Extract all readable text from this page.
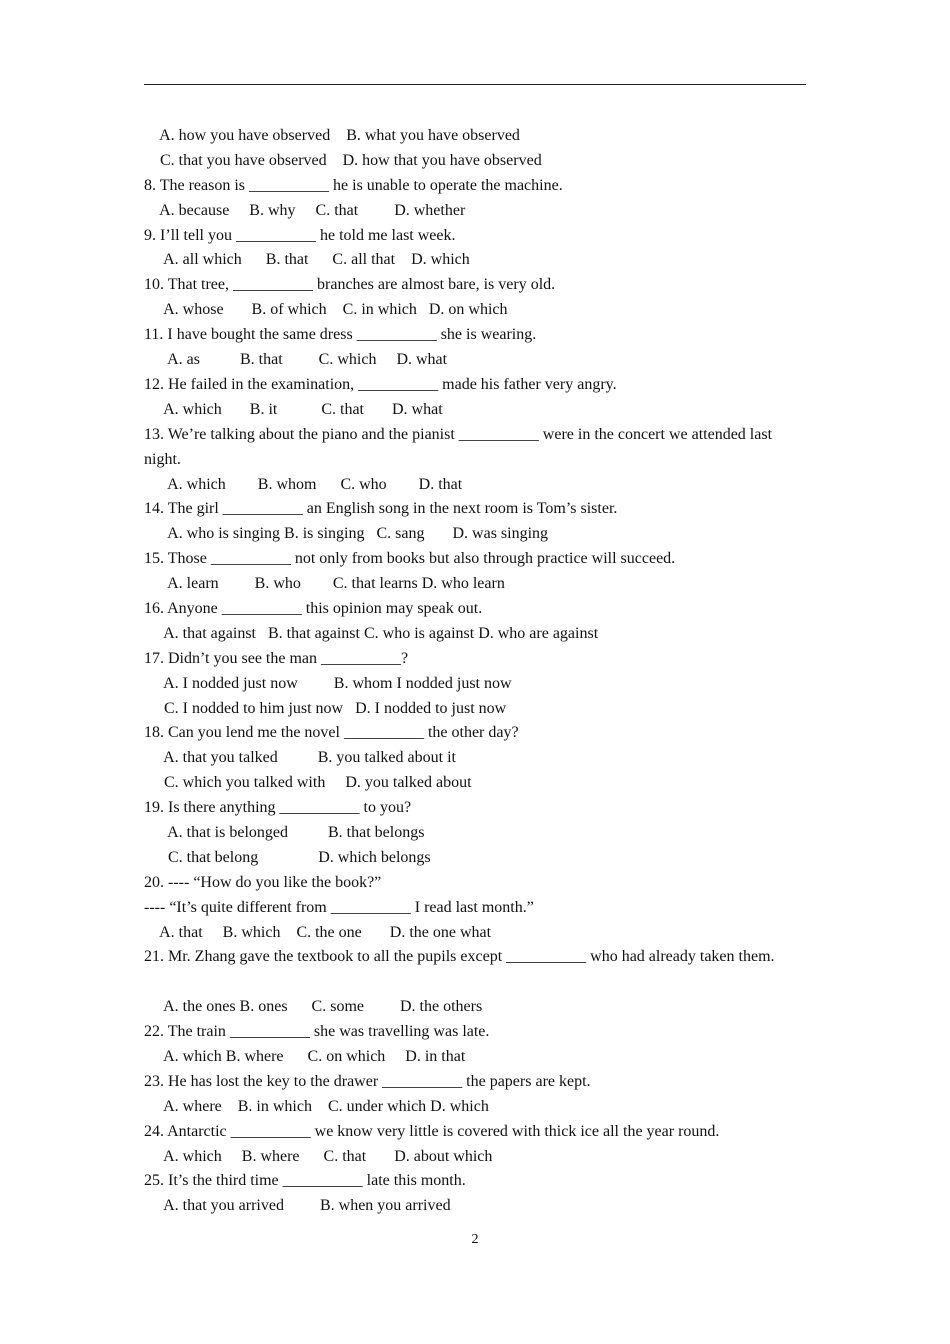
A. how you have observed    B. what you have observed
C. that you have observed    D. how that you have observed
8. The reason is __________ he is unable to operate the machine.
A. because     B. why     C. that         D. whether
9. I’ll tell you __________ he told me last week.
A. all which      B. that      C. all that    D. which
10. That tree, __________ branches are almost bare, is very old.
A. whose       B. of which    C. in which   D. on which
11. I have bought the same dress __________ she is wearing.
A. as          B. that         C. which     D. what
12. He failed in the examination, __________ made his father very angry.
A. which       B. it           C. that       D. what
13. We’re talking about the piano and the pianist __________ were in the concert we attended last night.
A. which        B. whom      C. who        D. that
14. The girl __________ an English song in the next room is Tom’s sister.
A. who is singing B. is singing   C. sang       D. was singing
15. Those __________ not only from books but also through practice will succeed.
A. learn         B. who        C. that learns D. who learn
16. Anyone __________ this opinion may speak out.
A. that against   B. that against C. who is against D. who are against
17. Didn’t you see the man __________?
A. I nodded just now         B. whom I nodded just now
C. I nodded to him just now   D. I nodded to just now
18. Can you lend me the novel __________ the other day?
A. that you talked          B. you talked about it
C. which you talked with     D. you talked about
19. Is there anything __________ to you?
A. that is belonged          B. that belongs
C. that belong               D. which belongs
20. ---- “How do you like the book?”
---- “It’s quite different from __________ I read last month.”
A. that     B. which    C. the one       D. the one what
21. Mr. Zhang gave the textbook to all the pupils except __________ who had already taken them.
A. the ones B. ones      C. some         D. the others
22. The train __________ she was travelling was late.
A. which B. where      C. on which     D. in that
23. He has lost the key to the drawer __________ the papers are kept.
A. where    B. in which    C. under which D. which
24. Antarctic __________ we know very little is covered with thick ice all the year round.
A. which     B. where      C. that       D. about which
25. It’s the third time __________ late this month.
A. that you arrived         B. when you arrived
2
